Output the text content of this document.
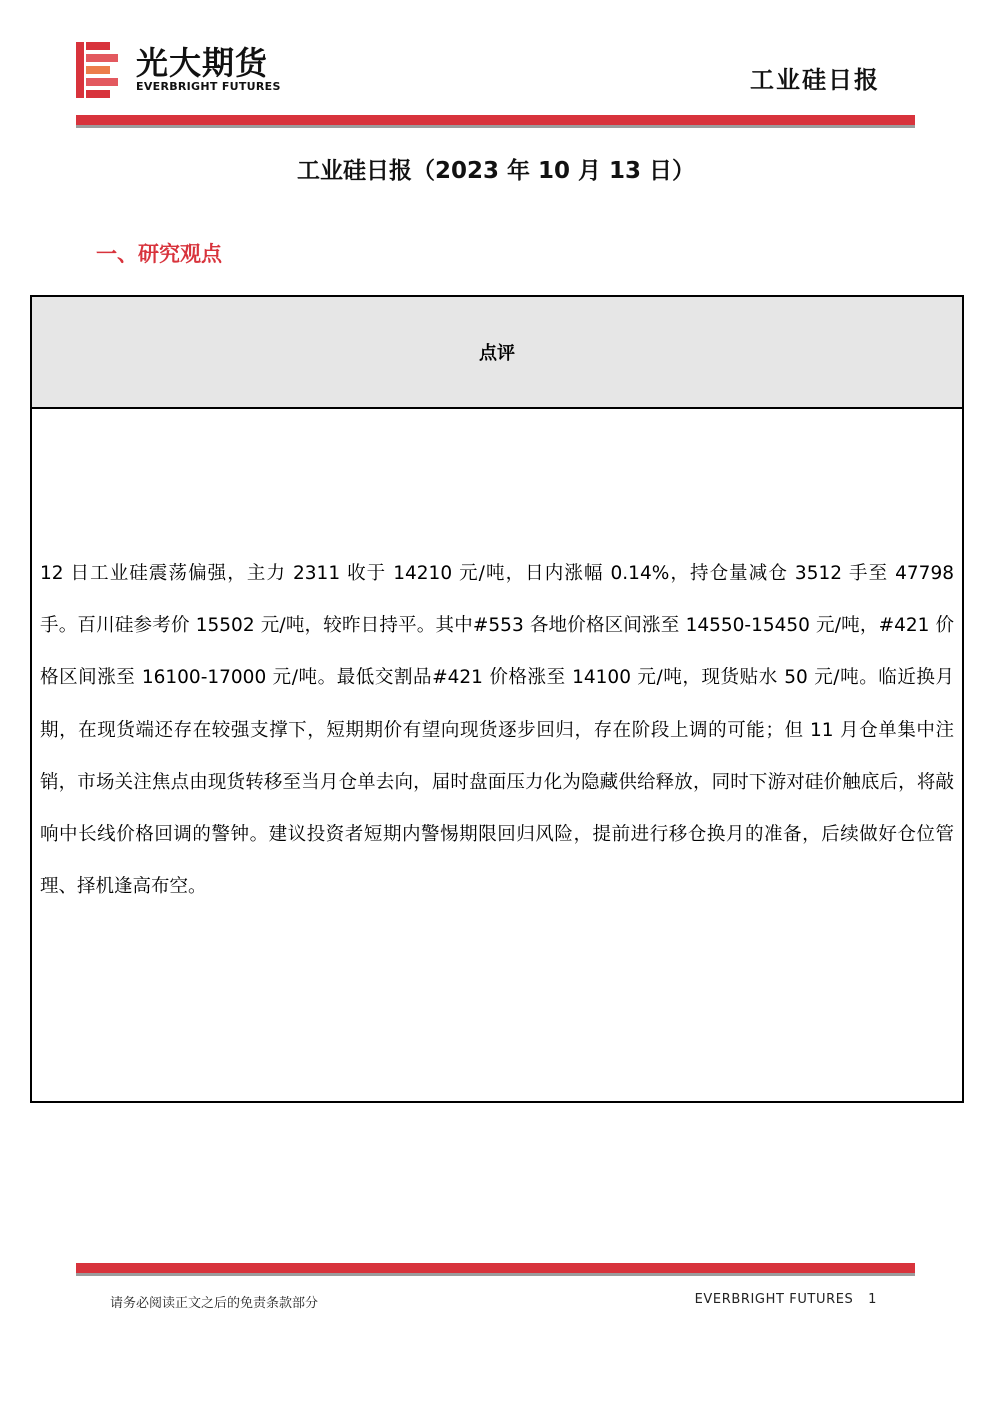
光大期货
EVERBRIGHT FUTURES	工业硅日报
工业硅日报（2023 年 10 月 13 日）
一、研究观点
点评
12 日工业硅震荡偏强，主力 2311 收于 14210 元/吨，日内涨幅 0.14%，持仓量减仓 3512 手至 47798 手。百川硅参考价 15502 元/吨，较昨日持平。其中#553 各地价格区间涨至 14550-15450 元/吨，#421 价格区间涨至 16100-17000 元/吨。最低交割品#421 价格涨至 14100 元/吨，现货贴水 50 元/吨。临近换月期，在现货端还存在较强支撑下，短期期价有望向现货逐步回归，存在阶段上调的可能；但 11 月仓单集中注销，市场关注焦点由现货转移至当月仓单去向，届时盘面压力化为隐藏供给释放，同时下游对硅价触底后，将敲响中长线价格回调的警钟。建议投资者短期内警惕期限回归风险，提前进行移仓换月的准备，后续做好仓位管理、择机逢高布空。
请务必阅读正文之后的免责条款部分	EVERBRIGHT FUTURES 1
